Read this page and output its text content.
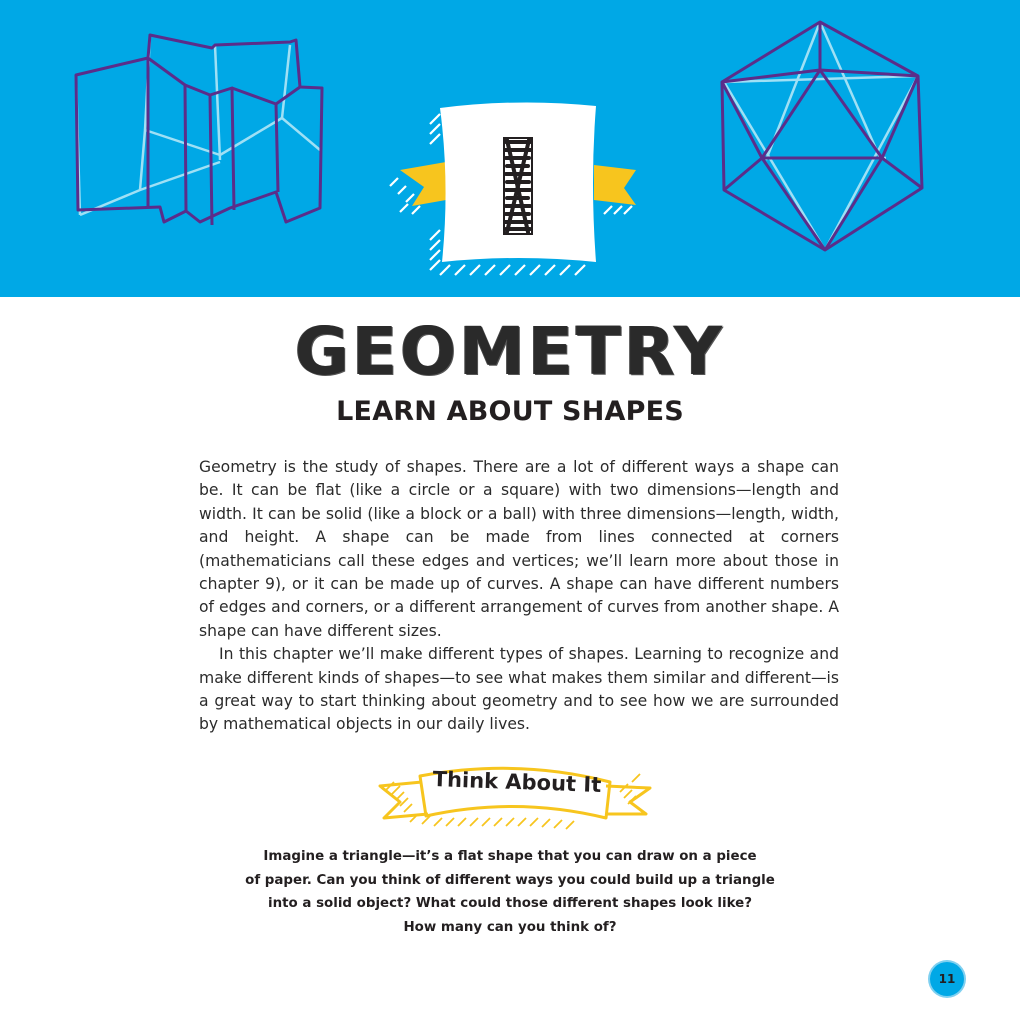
GEOMETRY
LEARN ABOUT SHAPES

Geometry is the study of shapes. There are a lot of different ways a shape can be. It can be flat (like a circle or a square) with two dimensions—length and width. It can be solid (like a block or a ball) with three dimensions—length, width, and height. A shape can be made from lines connected at corners (mathematicians call these edges and vertices; we’ll learn more about those in chapter 9), or it can be made up of curves. A shape can have different numbers of edges and corners, or a different arrangement of curves from another shape. A shape can have different sizes.

In this chapter we’ll make different types of shapes. Learning to recognize and make different kinds of shapes—to see what makes them similar and different—is a great way to start thinking about geometry and to see how we are surrounded by mathematical objects in our daily lives.

Think About It
Imagine a triangle—it’s a flat shape that you can draw on a piece
of paper. Can you think of different ways you could build up a triangle
into a solid object? What could those different shapes look like?
How many can you think of?
11
